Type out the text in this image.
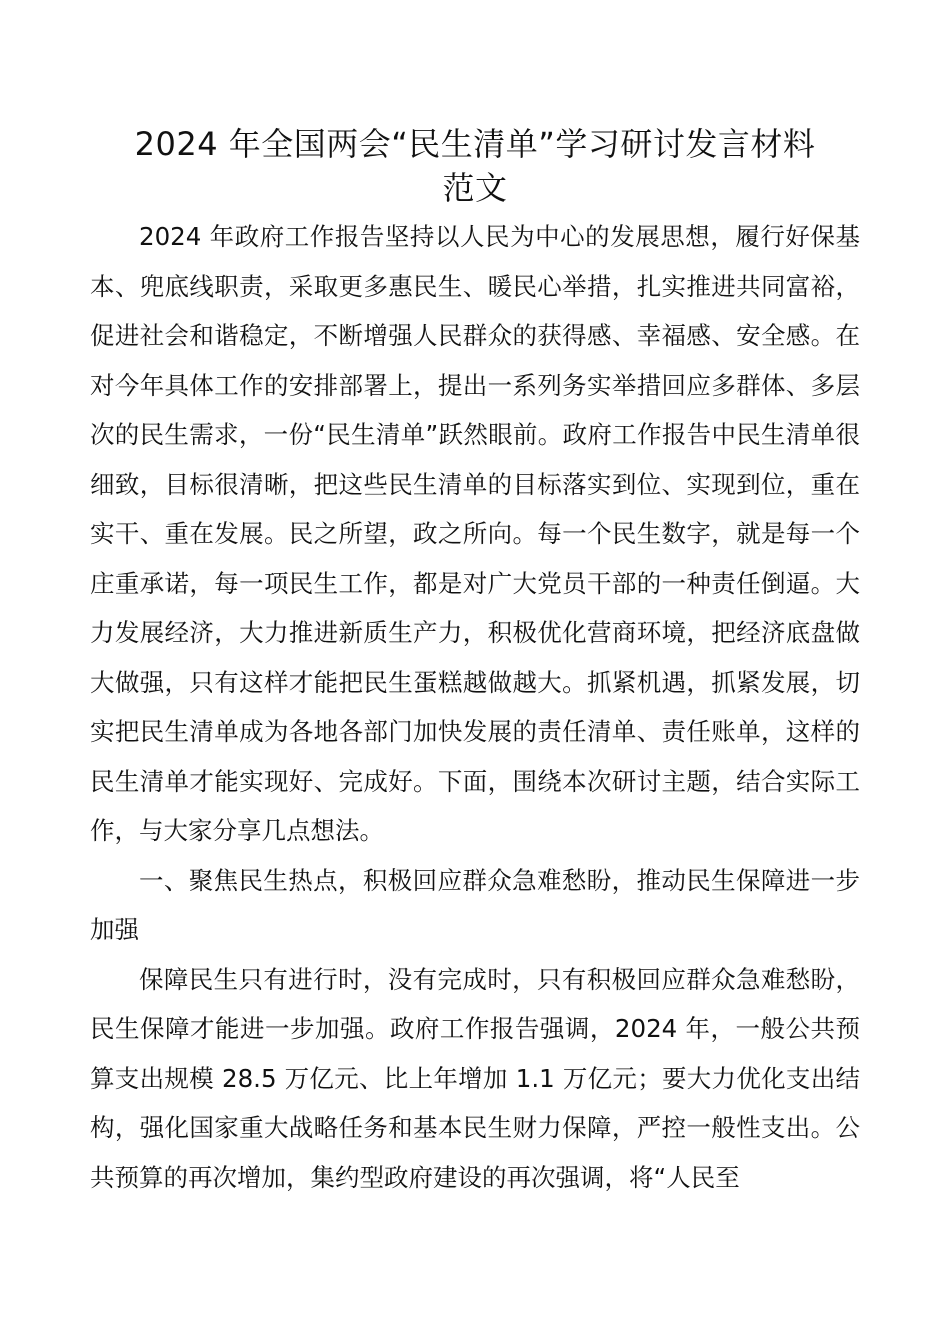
2024 年全国两会“民生清单”学习研讨发言材料
范文

2024 年政府工作报告坚持以人民为中心的发展思想，履行好保基本、兜底线职责，采取更多惠民生、暖民心举措，扎实推进共同富裕，促进社会和谐稳定，不断增强人民群众的获得感、幸福感、安全感。在对今年具体工作的安排部署上，提出一系列务实举措回应多群体、多层次的民生需求，一份“民生清单”跃然眼前。政府工作报告中民生清单很细致，目标很清晰，把这些民生清单的目标落实到位、实现到位，重在实干、重在发展。民之所望，政之所向。每一个民生数字，就是每一个庄重承诺，每一项民生工作，都是对广大党员干部的一种责任倒逼。大力发展经济，大力推进新质生产力，积极优化营商环境，把经济底盘做大做强，只有这样才能把民生蛋糕越做越大。抓紧机遇，抓紧发展，切实把民生清单成为各地各部门加快发展的责任清单、责任账单，这样的民生清单才能实现好、完成好。下面，围绕本次研讨主题，结合实际工作，与大家分享几点想法。

一、聚焦民生热点，积极回应群众急难愁盼，推动民生保障进一步加强

保障民生只有进行时，没有完成时，只有积极回应群众急难愁盼，民生保障才能进一步加强。政府工作报告强调，2024 年，一般公共预算支出规模 28.5 万亿元、比上年增加 1.1 万亿元；要大力优化支出结构，强化国家重大战略任务和基本民生财力保障，严控一般性支出。公共预算的再次增加，集约型政府建设的再次强调，将“人民至
